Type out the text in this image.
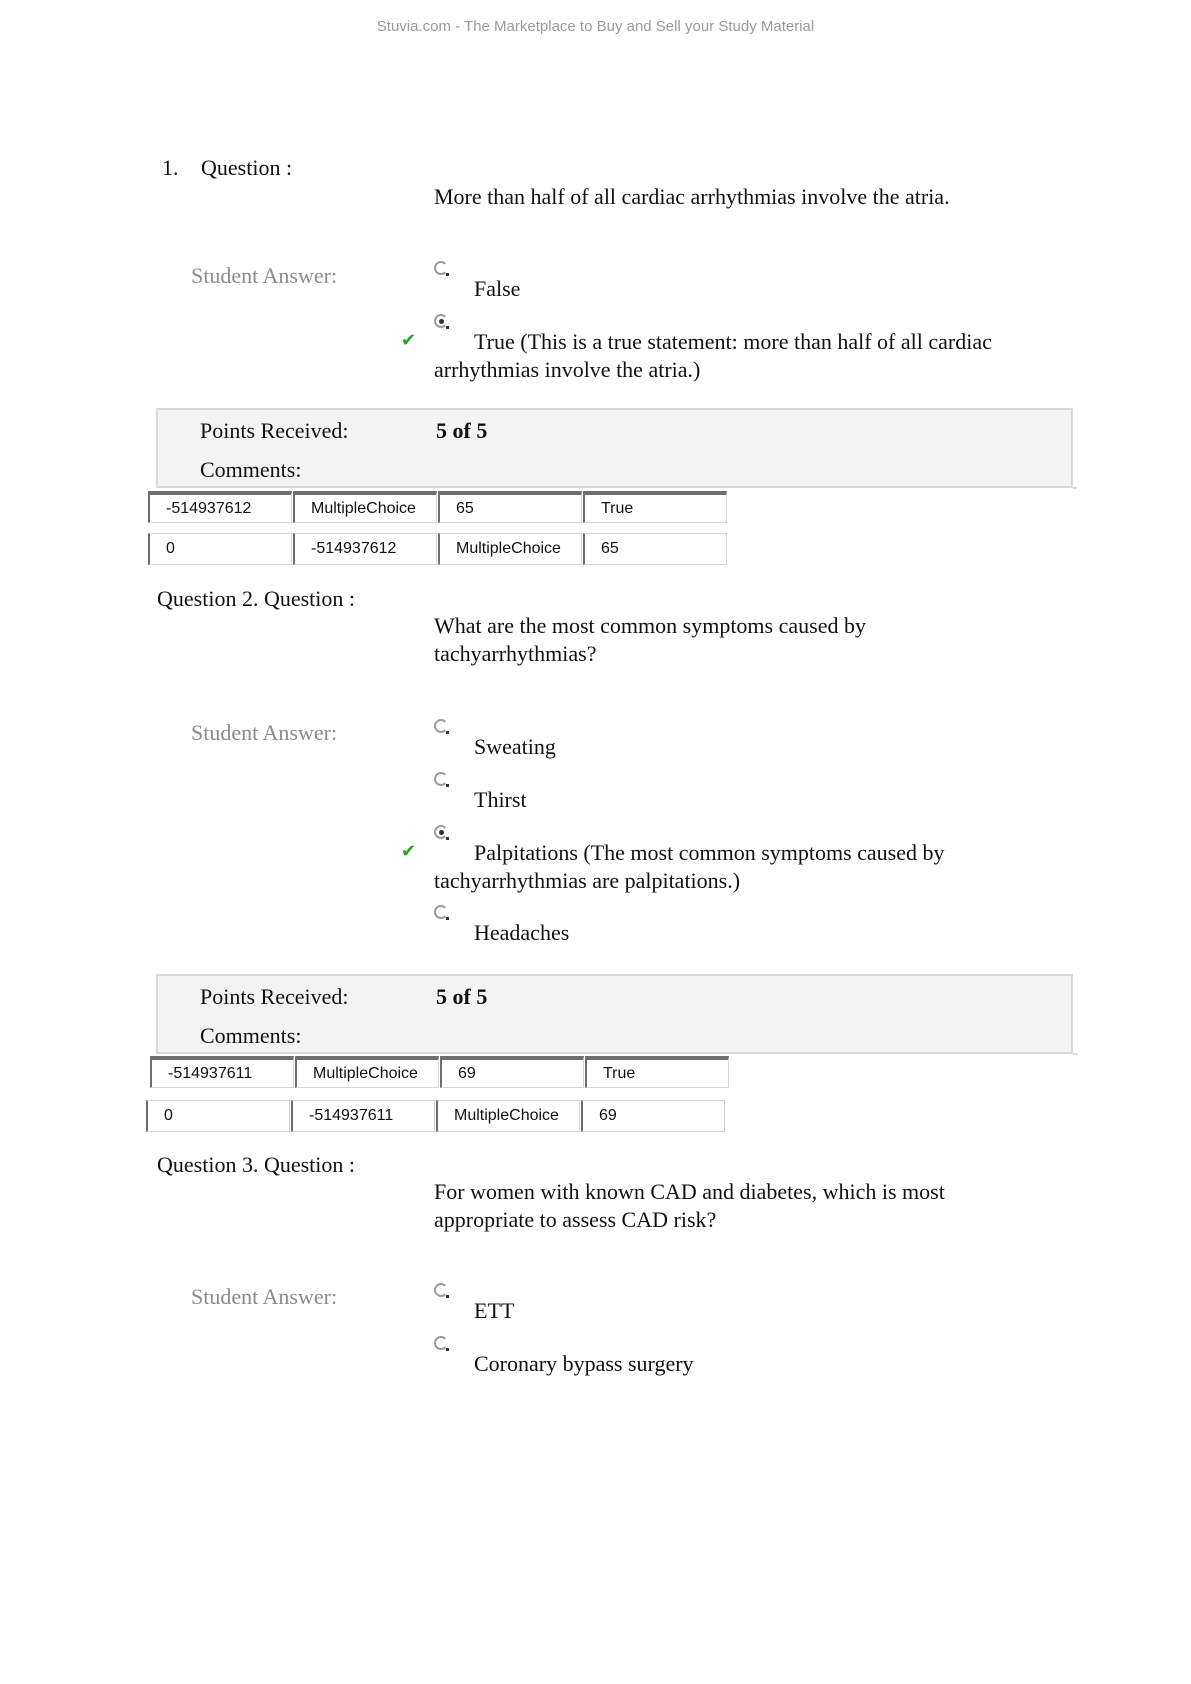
Stuvia.com - The Marketplace to Buy and Sell your Study Material
1. Question :
More than half of all cardiac arrhythmias involve the atria.
Student Answer:
False
✔	True (This is a true statement: more than half of all cardiac arrhythmias involve the atria.)
Points Received:	5 of 5
Comments:
-514937612	MultipleChoice	65	True
0	-514937612	MultipleChoice	65
Question 2. Question :
What are the most common symptoms caused by tachyarrhythmias?
Student Answer:
Sweating
Thirst
✔	Palpitations (The most common symptoms caused by tachyarrhythmias are palpitations.)
Headaches
Points Received:	5 of 5
Comments:
-514937611	MultipleChoice	69	True
0	-514937611	MultipleChoice	69
Question 3. Question :
For women with known CAD and diabetes, which is most appropriate to assess CAD risk?
Student Answer:
ETT
Coronary bypass surgery
